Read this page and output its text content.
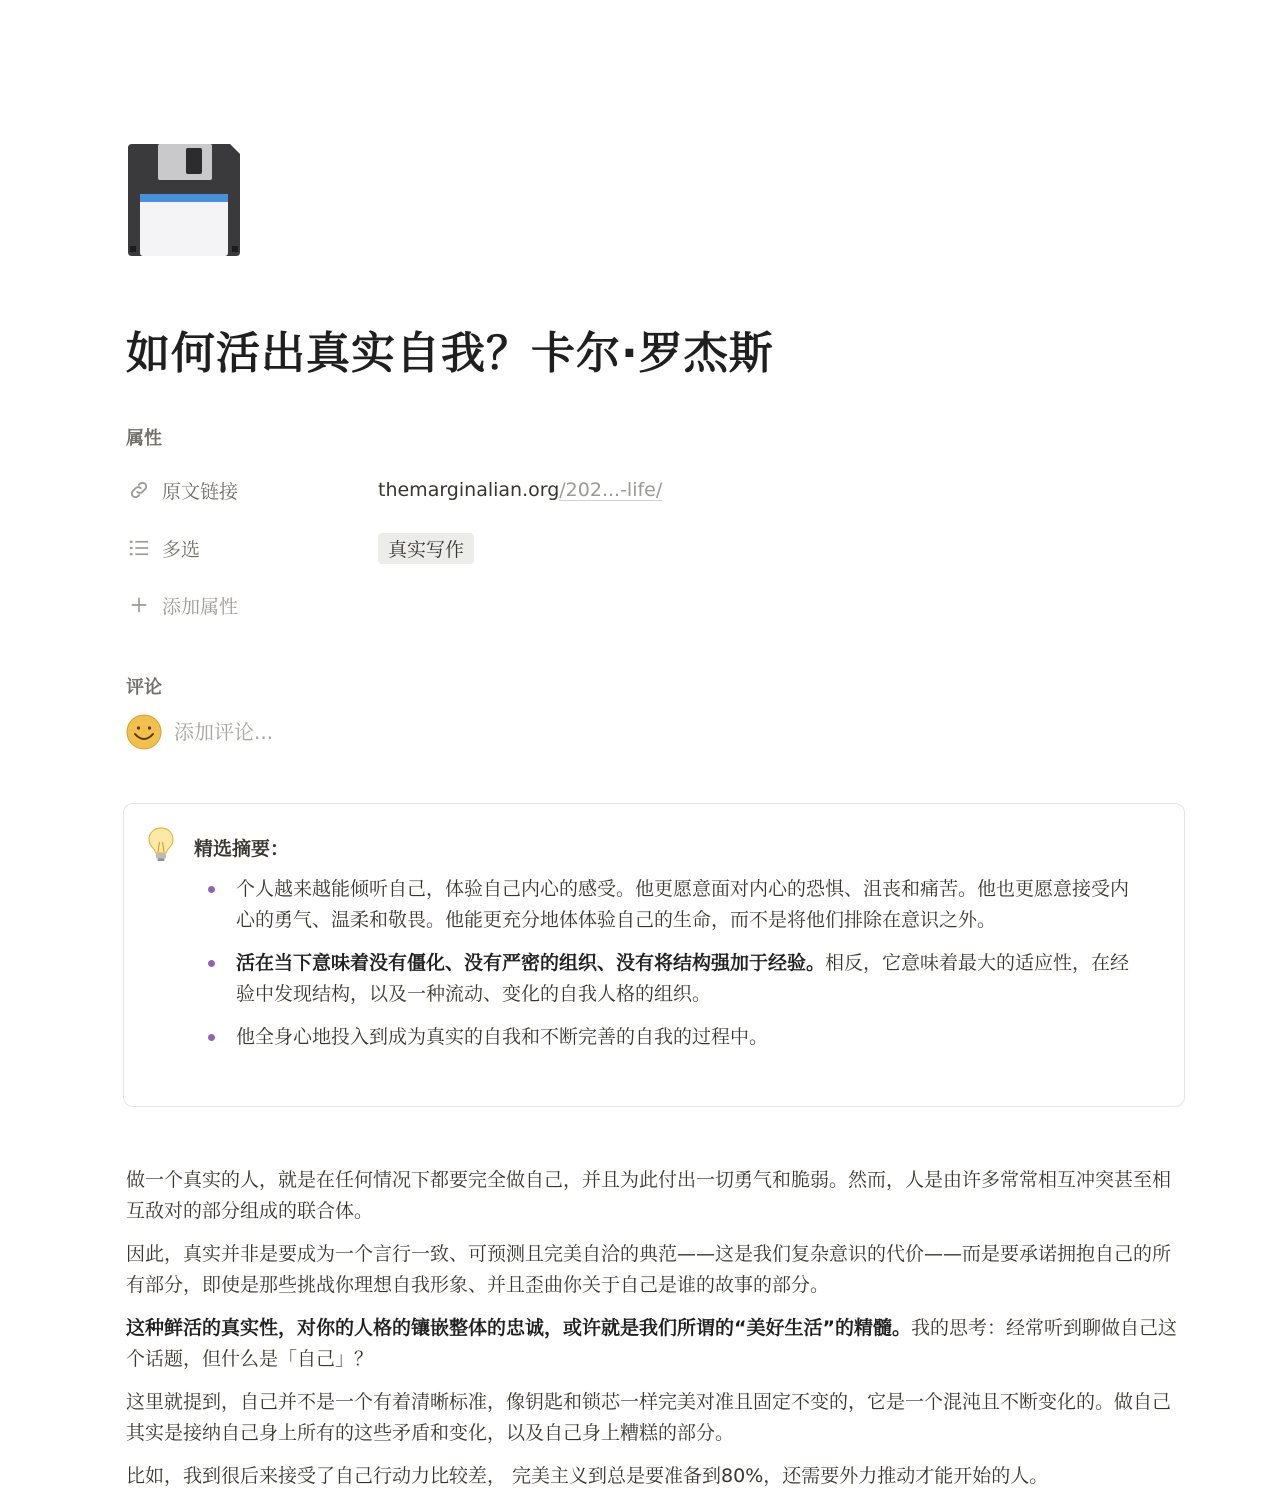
如何活出真实自我？卡尔·罗杰斯
属性
原文链接	themarginalian.org/202...-life/
多选	真实写作
添加属性
评论
添加评论...
精选摘要：
个人越来越能倾听自己，体验自己内心的感受。他更愿意面对内心的恐惧、沮丧和痛苦。他也更愿意接受内心的勇气、温柔和敬畏。他能更充分地体体验自己的生命，而不是将他们排除在意识之外。
活在当下意味着没有僵化、没有严密的组织、没有将结构强加于经验。相反，它意味着最大的适应性，在经验中发现结构，以及一种流动、变化的自我人格的组织。
他全身心地投入到成为真实的自我和不断完善的自我的过程中。

做一个真实的人，就是在任何情况下都要完全做自己，并且为此付出一切勇气和脆弱。然而，人是由许多常常相互冲突甚至相互敌对的部分组成的联合体。

因此，真实并非是要成为一个言行一致、可预测且完美自洽的典范——这是我们复杂意识的代价——而是要承诺拥抱自己的所有部分，即使是那些挑战你理想自我形象、并且歪曲你关于自己是谁的故事的部分。

这种鲜活的真实性，对你的人格的镶嵌整体的忠诚，或许就是我们所谓的“美好生活”的精髓。我的思考：经常听到聊做自己这个话题，但什么是「自己」？

这里就提到，自己并不是一个有着清晰标准，像钥匙和锁芯一样完美对准且固定不变的，它是一个混沌且不断变化的。做自己其实是接纳自己身上所有的这些矛盾和变化，以及自己身上糟糕的部分。

比如，我到很后来接受了自己行动力比较差， 完美主义到总是要准备到80%，还需要外力推动才能开始的人。
